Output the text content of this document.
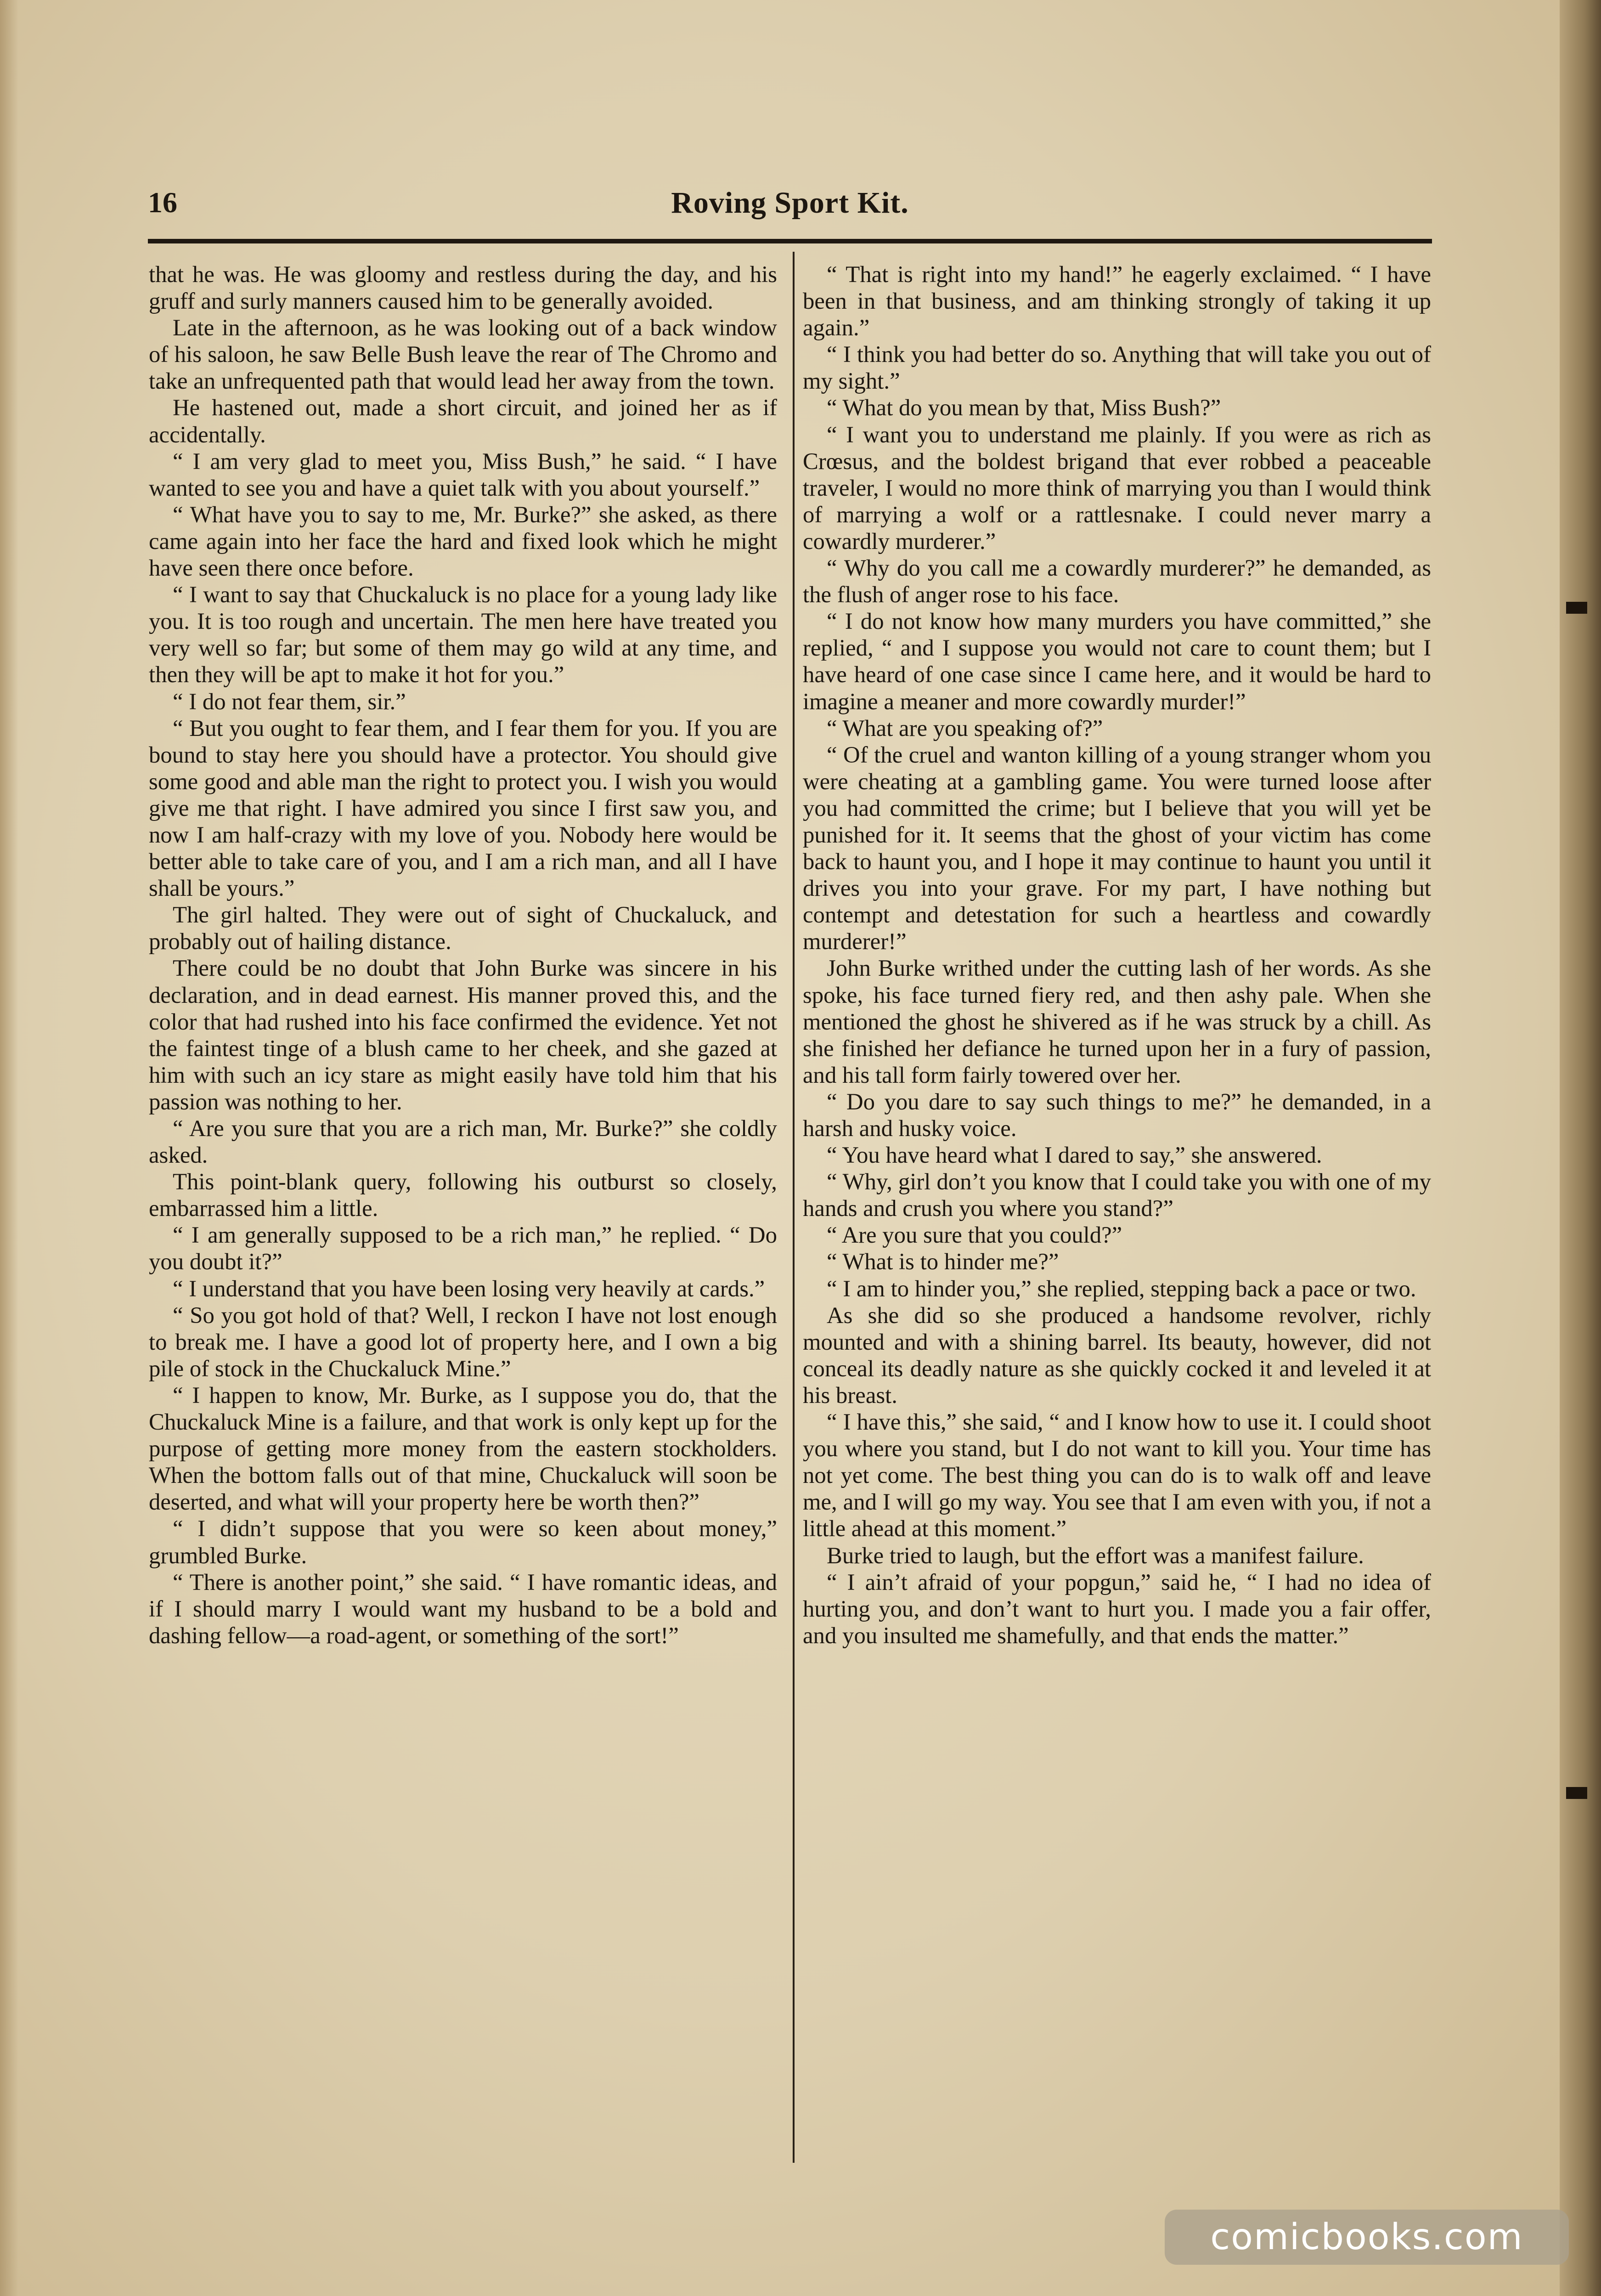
16	Roving Sport Kit.

that he was. He was gloomy and restless during the day, and his gruff and surly manners caused him to be generally avoided.

Late in the afternoon, as he was looking out of a back window of his saloon, he saw Belle Bush leave the rear of The Chromo and take an unfrequented path that would lead her away from the town.

He hastened out, made a short circuit, and joined her as if accidentally.

“ I am very glad to meet you, Miss Bush,” he said. “ I have wanted to see you and have a quiet talk with you about yourself.”

“ What have you to say to me, Mr. Burke?” she asked, as there came again into her face the hard and fixed look which he might have seen there once before.

“ I want to say that Chuckaluck is no place for a young lady like you. It is too rough and uncertain. The men here have treated you very well so far; but some of them may go wild at any time, and then they will be apt to make it hot for you.”

“ I do not fear them, sir.”

“ But you ought to fear them, and I fear them for you. If you are bound to stay here you should have a protector. You should give some good and able man the right to protect you. I wish you would give me that right. I have admired you since I first saw you, and now I am half-crazy with my love of you. Nobody here would be better able to take care of you, and I am a rich man, and all I have shall be yours.”

The girl halted. They were out of sight of Chuckaluck, and probably out of hailing distance.

There could be no doubt that John Burke was sincere in his declaration, and in dead earnest. His manner proved this, and the color that had rushed into his face confirmed the evidence. Yet not the faintest tinge of a blush came to her cheek, and she gazed at him with such an icy stare as might easily have told him that his passion was nothing to her.

“ Are you sure that you are a rich man, Mr. Burke?” she coldly asked.

This point-blank query, following his outburst so closely, embarrassed him a little.

“ I am generally supposed to be a rich man,” he replied. “ Do you doubt it?”

“ I understand that you have been losing very heavily at cards.”

“ So you got hold of that? Well, I reckon I have not lost enough to break me. I have a good lot of property here, and I own a big pile of stock in the Chuckaluck Mine.”

“ I happen to know, Mr. Burke, as I suppose you do, that the Chuckaluck Mine is a failure, and that work is only kept up for the purpose of getting more money from the eastern stockholders. When the bottom falls out of that mine, Chuckaluck will soon be deserted, and what will your property here be worth then?”

“ I didn’t suppose that you were so keen about money,” grumbled Burke.

“ There is another point,” she said. “ I have romantic ideas, and if I should marry I would want my husband to be a bold and dashing fellow—a road-agent, or something of the sort!”

“ That is right into my hand!” he eagerly exclaimed. “ I have been in that business, and am thinking strongly of taking it up again.”

“ I think you had better do so. Anything that will take you out of my sight.”

“ What do you mean by that, Miss Bush?”

“ I want you to understand me plainly. If you were as rich as Crœsus, and the boldest brigand that ever robbed a peaceable traveler, I would no more think of marrying you than I would think of marrying a wolf or a rattlesnake. I could never marry a cowardly murderer.”

“ Why do you call me a cowardly murderer?” he demanded, as the flush of anger rose to his face.

“ I do not know how many murders you have committed,” she replied, “ and I suppose you would not care to count them; but I have heard of one case since I came here, and it would be hard to imagine a meaner and more cowardly murder!”

“ What are you speaking of?”

“ Of the cruel and wanton killing of a young stranger whom you were cheating at a gambling game. You were turned loose after you had committed the crime; but I believe that you will yet be punished for it. It seems that the ghost of your victim has come back to haunt you, and I hope it may continue to haunt you until it drives you into your grave. For my part, I have nothing but contempt and detestation for such a heartless and cowardly murderer!”

John Burke writhed under the cutting lash of her words. As she spoke, his face turned fiery red, and then ashy pale. When she mentioned the ghost he shivered as if he was struck by a chill. As she finished her defiance he turned upon her in a fury of passion, and his tall form fairly towered over her.

“ Do you dare to say such things to me?” he demanded, in a harsh and husky voice.

“ You have heard what I dared to say,” she answered.

“ Why, girl don’t you know that I could take you with one of my hands and crush you where you stand?”

“ Are you sure that you could?”

“ What is to hinder me?”

“ I am to hinder you,” she replied, stepping back a pace or two.

As she did so she produced a handsome revolver, richly mounted and with a shining barrel. Its beauty, however, did not conceal its deadly nature as she quickly cocked it and leveled it at his breast.

“ I have this,” she said, “ and I know how to use it. I could shoot you where you stand, but I do not want to kill you. Your time has not yet come. The best thing you can do is to walk off and leave me, and I will go my way. You see that I am even with you, if not a little ahead at this moment.”

Burke tried to laugh, but the effort was a manifest failure.

“ I ain’t afraid of your popgun,” said he, “ I had no idea of hurting you, and don’t want to hurt you. I made you a fair offer, and you insulted me shamefully, and that ends the matter.”

comicbooks.com
